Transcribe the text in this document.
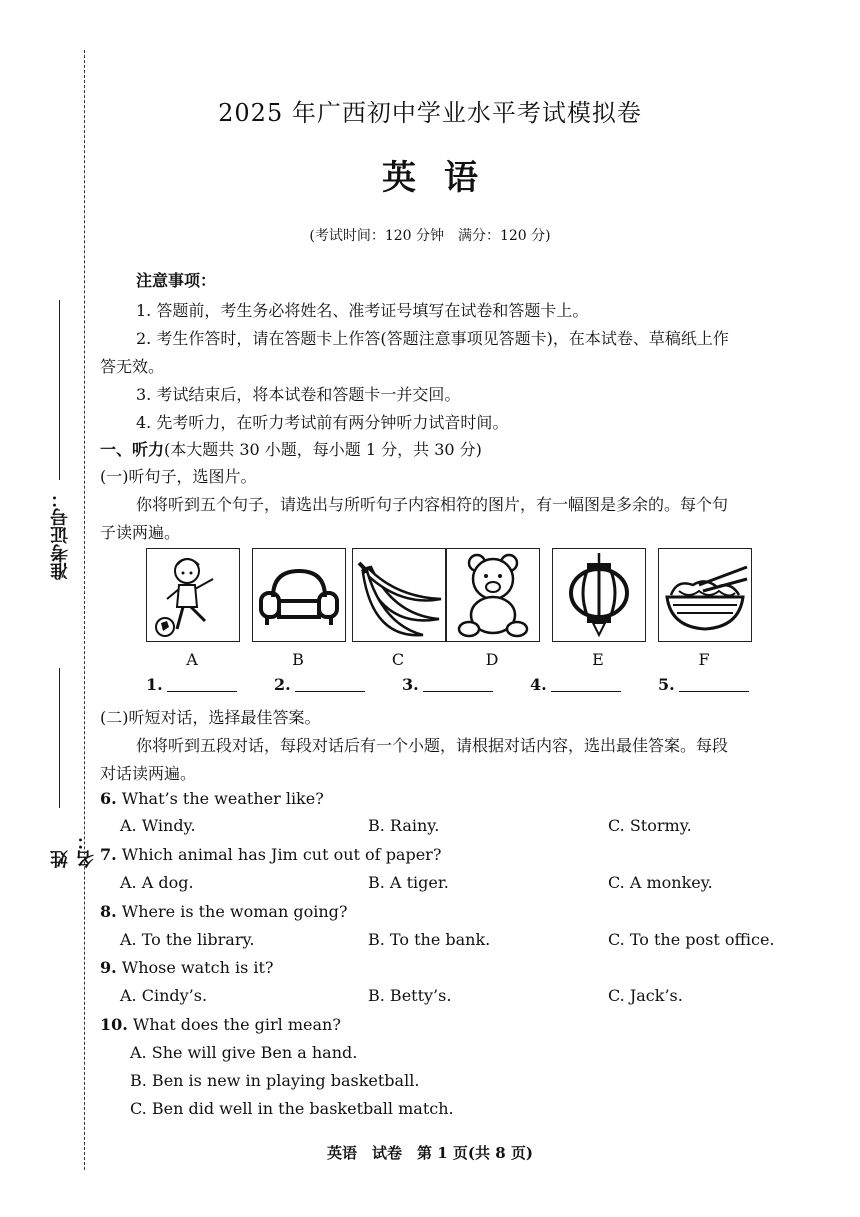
准考证号：
姓名：
2025 年广西初中学业水平考试模拟卷
英语
(考试时间：120 分钟　满分：120 分)
注意事项：
1. 答题前，考生务必将姓名、准考证号填写在试卷和答题卡上。
2. 考生作答时，请在答题卡上作答(答题注意事项见答题卡)，在本试卷、草稿纸上作
答无效。
3. 考试结束后，将本试卷和答题卡一并交回。
4. 先考听力，在听力考试前有两分钟听力试音时间。
一、听力(本大题共 30 小题，每小题 1 分，共 30 分)
(一)听句子，选图片。
你将听到五个句子，请选出与所听句子内容相符的图片，有一幅图是多余的。每个句
子读两遍。
A	B	C	D	E	F
1.	2.	3.	4.	5.
(二)听短对话，选择最佳答案。
你将听到五段对话，每段对话后有一个小题，请根据对话内容，选出最佳答案。每段
对话读两遍。
6. What’s the weather like?
A. Windy.	B. Rainy.	C. Stormy.
7. Which animal has Jim cut out of paper?
A. A dog.	B. A tiger.	C. A monkey.
8. Where is the woman going?
A. To the library.	B. To the bank.	C. To the post office.
9. Whose watch is it?
A. Cindy’s.	B. Betty’s.	C. Jack’s.
10. What does the girl mean?
A. She will give Ben a hand.
B. Ben is new in playing basketball.
C. Ben did well in the basketball match.
英语　试卷　第 1 页(共 8 页)
